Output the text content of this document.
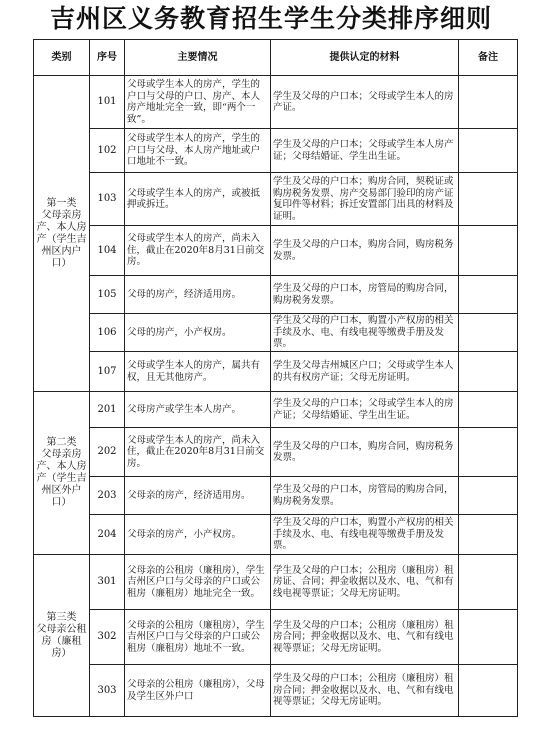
吉州区义务教育招生学生分类排序细则
类别	序号	主要情况	提供认定的材料	备注
第一类
父母亲房产、本人房产（学生吉州区内户口）	101	父母或学生本人的房产，学生的户口与父母的户口、房产、本人房产地址完全一致，即“两个一致”。	学生及父母的户口本；父母或学生本人的房产证。	
	102	父母或学生本人的房产，学生的户口与父母、本人房产地址或户口地址不一致。	学生及父母的户口本；父母或学生本人房产证；父母结婚证、学生出生证。	
	103	父母或学生本人的房产，或被抵押或拆迁。	学生及父母的户口本；购房合同，契税证或购房税务发票、房产交易部门验印的房产证复印件等材料；拆迁安置部门出具的材料及证明。	
	104	父母或学生本人的房产，尚未入住，截止在2020年8月31日前交房。	学生及父母的户口本，购房合同，购房税务发票。	
	105	父母的房产，经济适用房。	学生及父母的户口本，房管局的购房合同，购房税务发票。	
	106	父母的房产，小产权房。	学生及父母的户口本，购置小产权房的相关手续及水、电、有线电视等缴费手册及发票。	
	107	父母或学生本人的房产，属共有权，且无其他房产。	学生及父母吉州城区户口；父母或学生本人的共有权房产证；父母无房证明。	
第二类
父母亲房产、本人房产（学生吉州区外户口）	201	父母房产或学生本人房产。	学生及父母的户口本；父母或学生本人的房产证；父母结婚证、学生出生证。	
	202	父母或学生本人的房产，尚未入住，截止在2020年8月31日前交房。	学生及父母的户口本，购房合同，购房税务发票。	
	203	父母亲的房产，经济适用房。	学生及父母的户口本，房管局的购房合同，购房税务发票。	
	204	父母亲的房产，小产权房。	学生及父母的户口本，购置小产权房的相关手续及水、电、有线电视等缴费手册及发票。	
第三类
父母亲公租房（廉租房）	301	父母亲的公租房（廉租房），学生吉州区户口与父母亲的户口或公租房（廉租房）地址完全一致。	学生及父母的户口本；公租房（廉租房）租房证、合同；押金收据以及水、电、气和有线电视等票证；父母无房证明。	
	302	父母亲的公租房（廉租房），学生吉州区户口与父母亲的户口或公租房（廉租房）地址不一致。	学生及父母的户口本；公租房（廉租房）租房合同；押金收据以及水、电、气和有线电视等票证；父母无房证明。	
	303	父母亲的公租房（廉租房），父母及学生区外户口	学生及父母的户口本；公租房（廉租房）租房合同；押金收据以及水、电、气和有线电视等票证；父母无房证明。	
